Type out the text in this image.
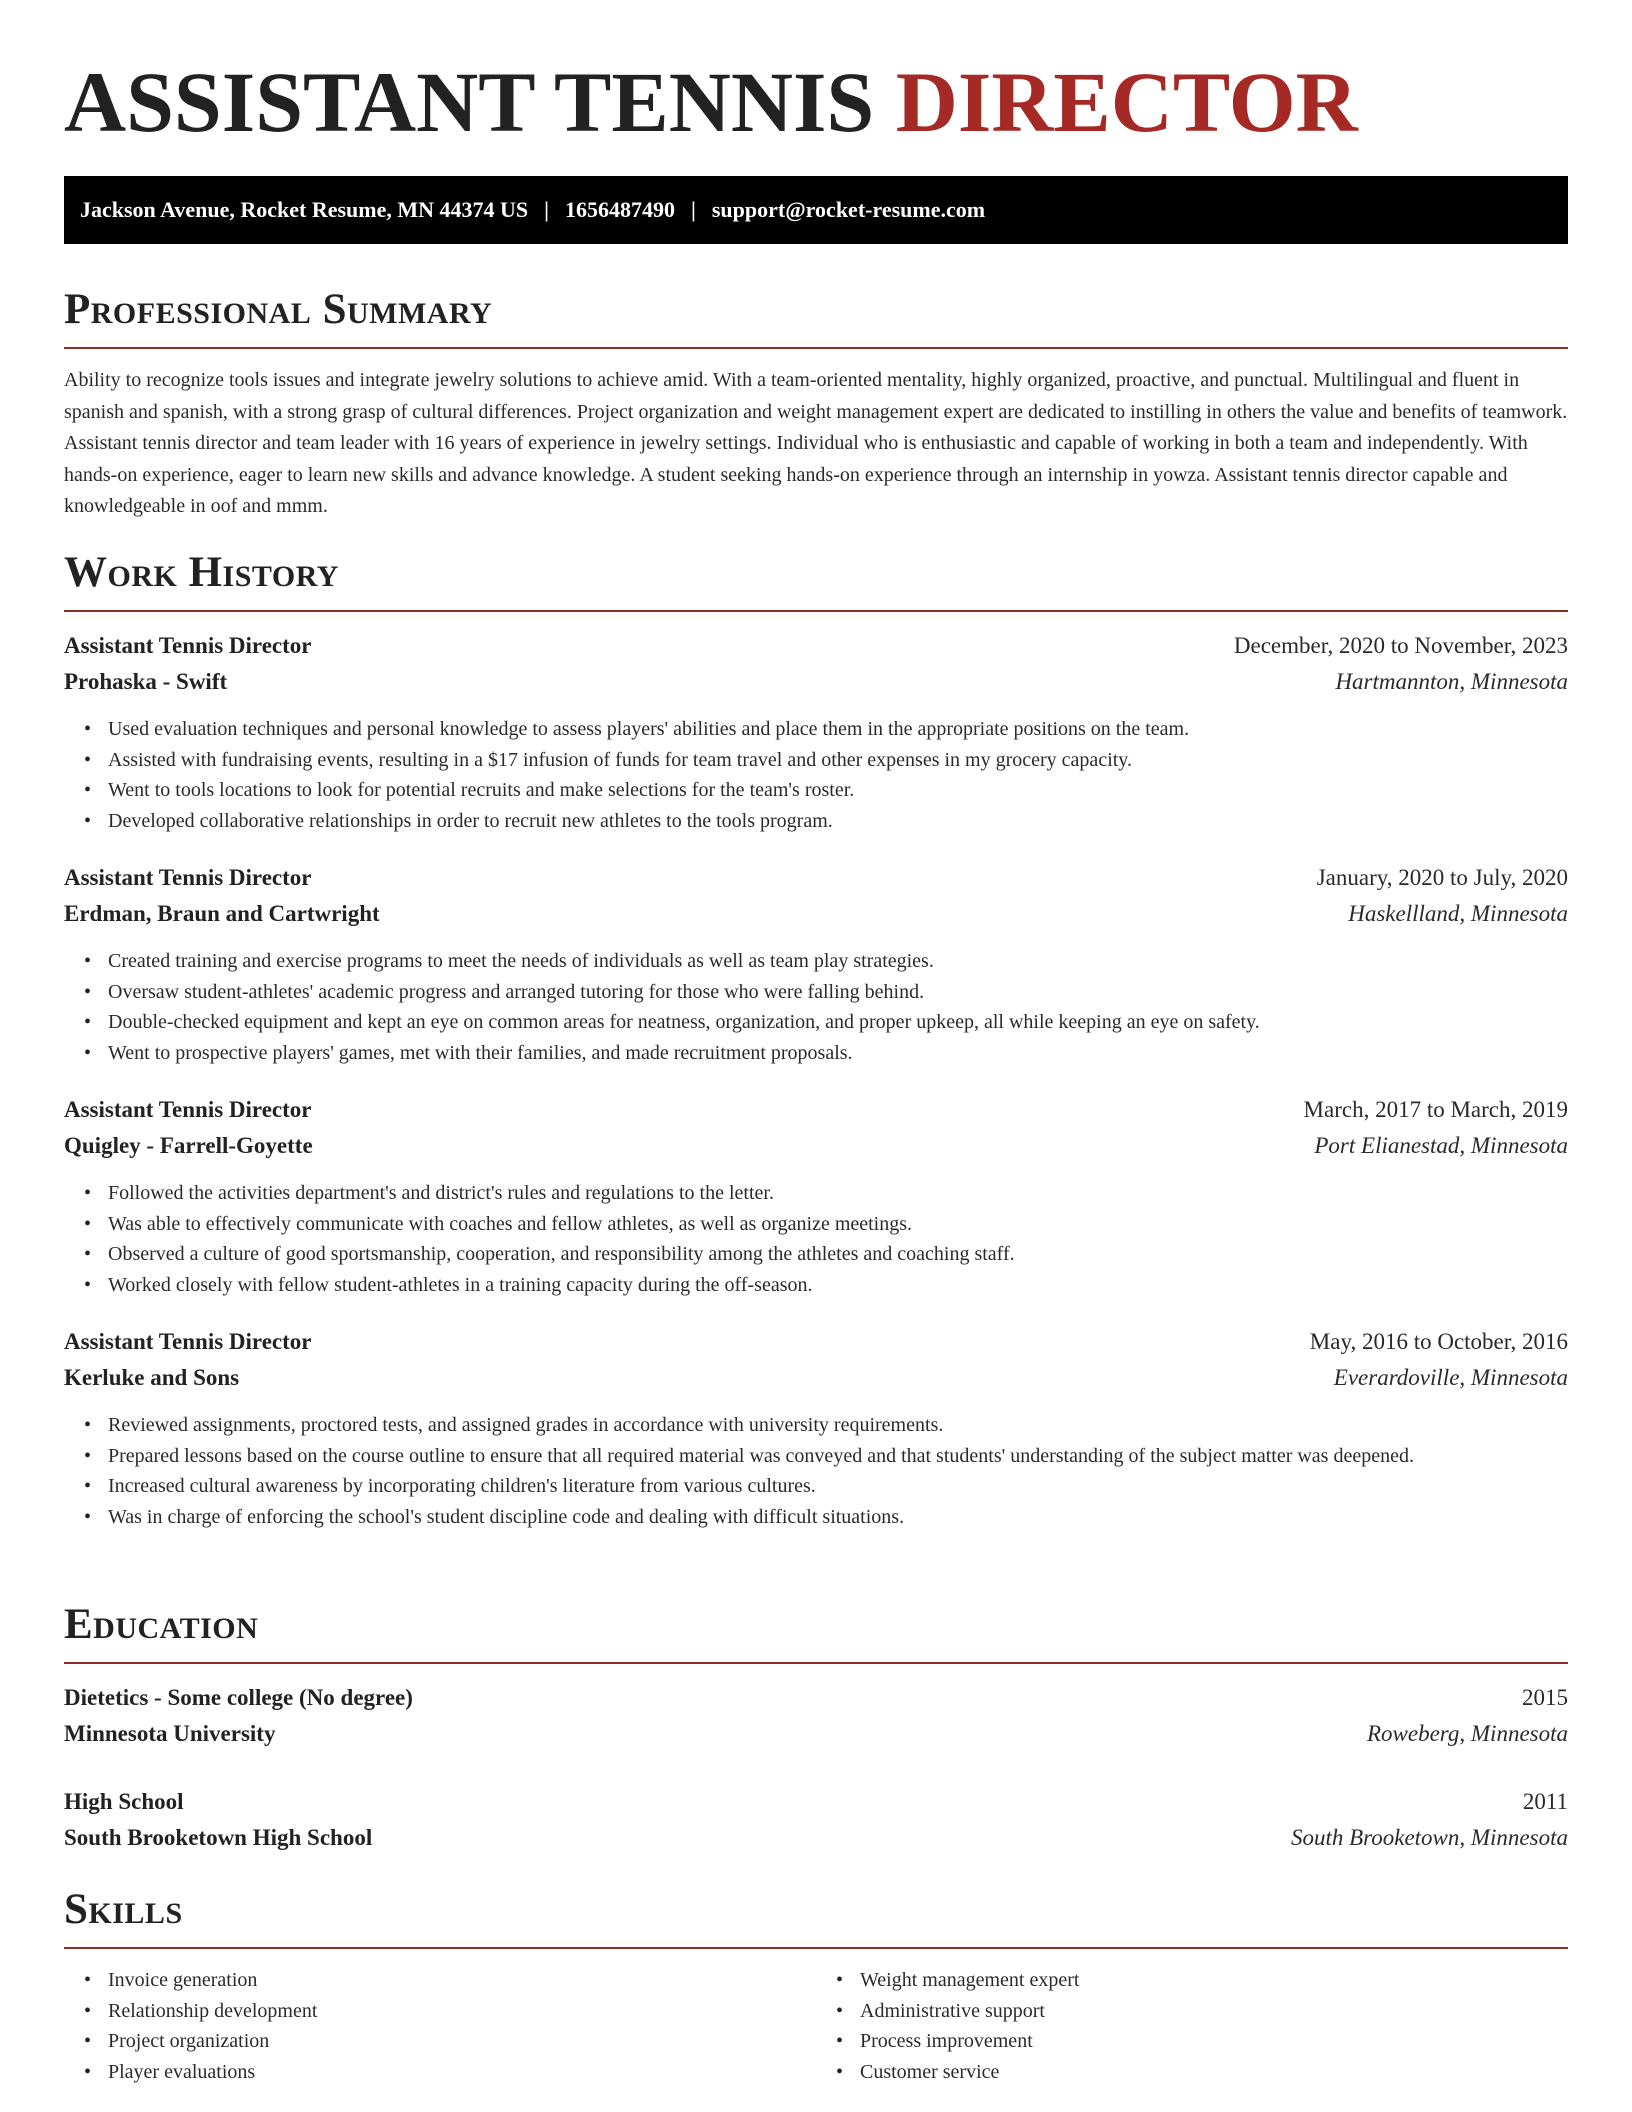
ASSISTANT TENNIS DIRECTOR
Jackson Avenue, Rocket Resume, MN 44374 US | 1656487490 | support@rocket-resume.com
Professional Summary

Ability to recognize tools issues and integrate jewelry solutions to achieve amid. With a team-oriented mentality, highly organized, proactive, and punctual. Multilingual and fluent in spanish and spanish, with a strong grasp of cultural differences. Project organization and weight management expert are dedicated to instilling in others the value and benefits of teamwork. Assistant tennis director and team leader with 16 years of experience in jewelry settings. Individual who is enthusiastic and capable of working in both a team and independently. With hands-on experience, eager to learn new skills and advance knowledge. A student seeking hands-on experience through an internship in yowza. Assistant tennis director capable and knowledgeable in oof and mmm.

Work History
Assistant Tennis Director	December, 2020 to November, 2023
Prohaska - Swift	Hartmannton, Minnesota
• Used evaluation techniques and personal knowledge to assess players' abilities and place them in the appropriate positions on the team.
• Assisted with fundraising events, resulting in a $17 infusion of funds for team travel and other expenses in my grocery capacity.
• Went to tools locations to look for potential recruits and make selections for the team's roster.
• Developed collaborative relationships in order to recruit new athletes to the tools program.
Assistant Tennis Director	January, 2020 to July, 2020
Erdman, Braun and Cartwright	Haskellland, Minnesota
• Created training and exercise programs to meet the needs of individuals as well as team play strategies.
• Oversaw student-athletes' academic progress and arranged tutoring for those who were falling behind.
• Double-checked equipment and kept an eye on common areas for neatness, organization, and proper upkeep, all while keeping an eye on safety.
• Went to prospective players' games, met with their families, and made recruitment proposals.
Assistant Tennis Director	March, 2017 to March, 2019
Quigley - Farrell-Goyette	Port Elianestad, Minnesota
• Followed the activities department's and district's rules and regulations to the letter.
• Was able to effectively communicate with coaches and fellow athletes, as well as organize meetings.
• Observed a culture of good sportsmanship, cooperation, and responsibility among the athletes and coaching staff.
• Worked closely with fellow student-athletes in a training capacity during the off-season.
Assistant Tennis Director	May, 2016 to October, 2016
Kerluke and Sons	Everardoville, Minnesota
• Reviewed assignments, proctored tests, and assigned grades in accordance with university requirements.
• Prepared lessons based on the course outline to ensure that all required material was conveyed and that students' understanding of the subject matter was deepened.
• Increased cultural awareness by incorporating children's literature from various cultures.
• Was in charge of enforcing the school's student discipline code and dealing with difficult situations.
Education
Dietetics - Some college (No degree)	2015
Minnesota University	Roweberg, Minnesota
High School	2011
South Brooketown High School	South Brooketown, Minnesota
Skills
• Invoice generation
• Relationship development
• Project organization
• Player evaluations
• Weight management expert
• Administrative support
• Process improvement
• Customer service
